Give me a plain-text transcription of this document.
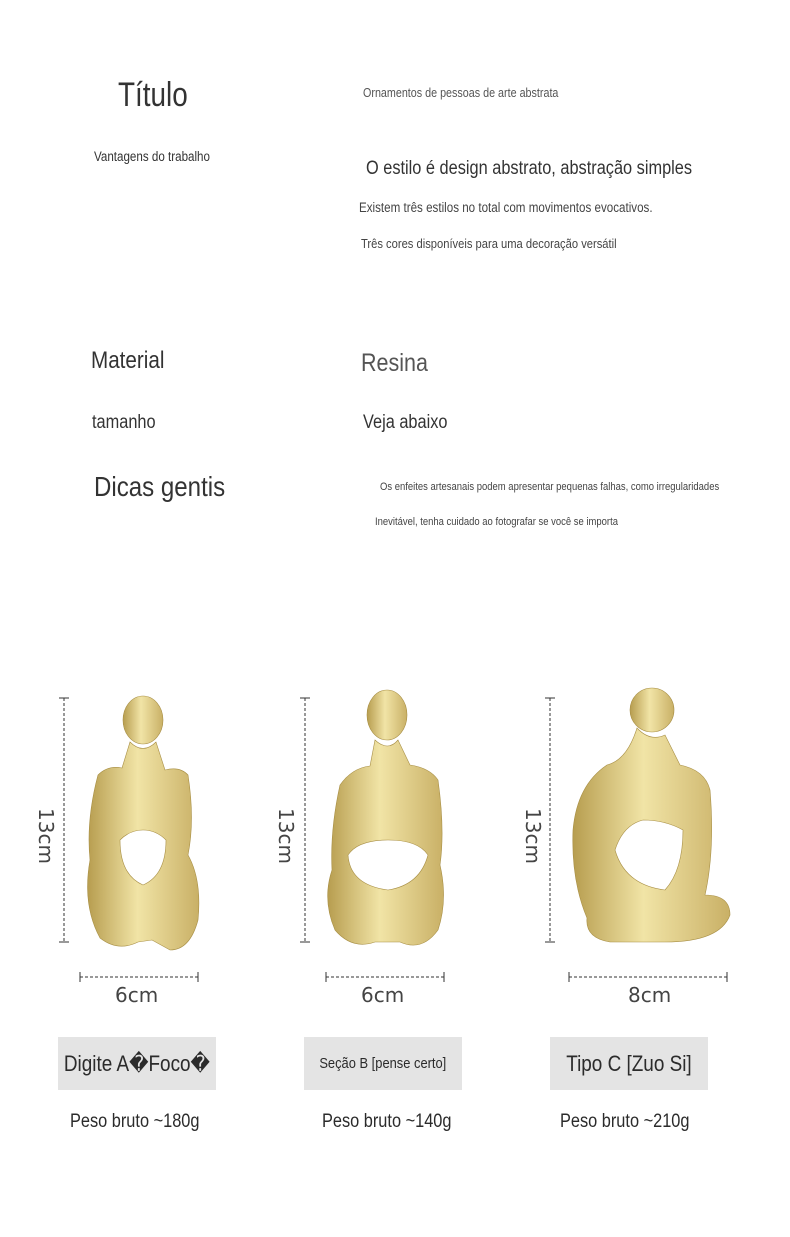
Título	Ornamentos de pessoas de arte abstrata
Vantagens do trabalho
O estilo é design abstrato, abstração simples
Existem três estilos no total com movimentos evocativos.
Três cores disponíveis para uma decoração versátil
Material	Resina
tamanho	Veja abaixo
Dicas gentis	Os enfeites artesanais podem apresentar pequenas falhas, como irregularidades
Inevitável, tenha cuidado ao fotografar se você se importa
13cm
6cm
13cm
6cm
13cm
8cm
Digite A�Foco�	Seção B [pense certo]	Tipo C [Zuo Si]
Peso bruto ~180g	Peso bruto ~140g	Peso bruto ~210g
